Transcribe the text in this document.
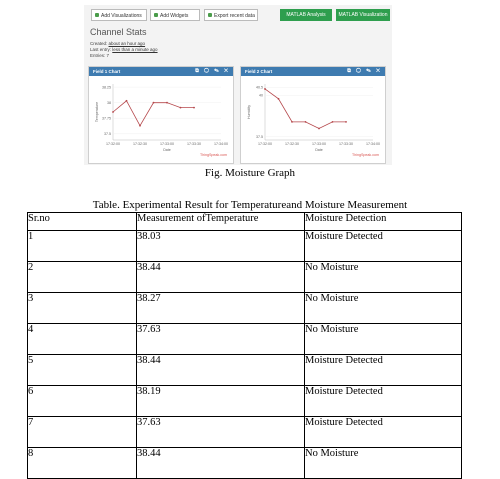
Add Visualizations	Add Widgets	Export recent data	MATLAB Analysis	MATLAB Visualization
Channel Stats
Created: about an hour ago
Last entry: less than a minute ago
Entries: 7
Field 1 Chart	⧉ ◯ ✎ ✕
38.25
38
37.75
37.5
17:32:00	17:32:30	17:33:00	17:33:30	17:34:00
Date
Temperature
ThingSpeak.com
Field 2 Chart	⧉ ◯ ✎ ✕
40.5
40
37.5
17:32:00	17:32:30	17:33:00	17:33:30	17:34:00
Date
Humidity
ThingSpeak.com
Fig. Moisture Graph
Table. Experimental Result for Temperatureand Moisture Measurement
Sr.no	Measurement ofTemperature	Moisture Detection
1	38.03	Moisture Detected
2	38.44	No Moisture
3	38.27	No Moisture
4	37.63	No Moisture
5	38.44	Moisture Detected
6	38.19	Moisture Detected
7	37.63	Moisture Detected
8	38.44	No Moisture
